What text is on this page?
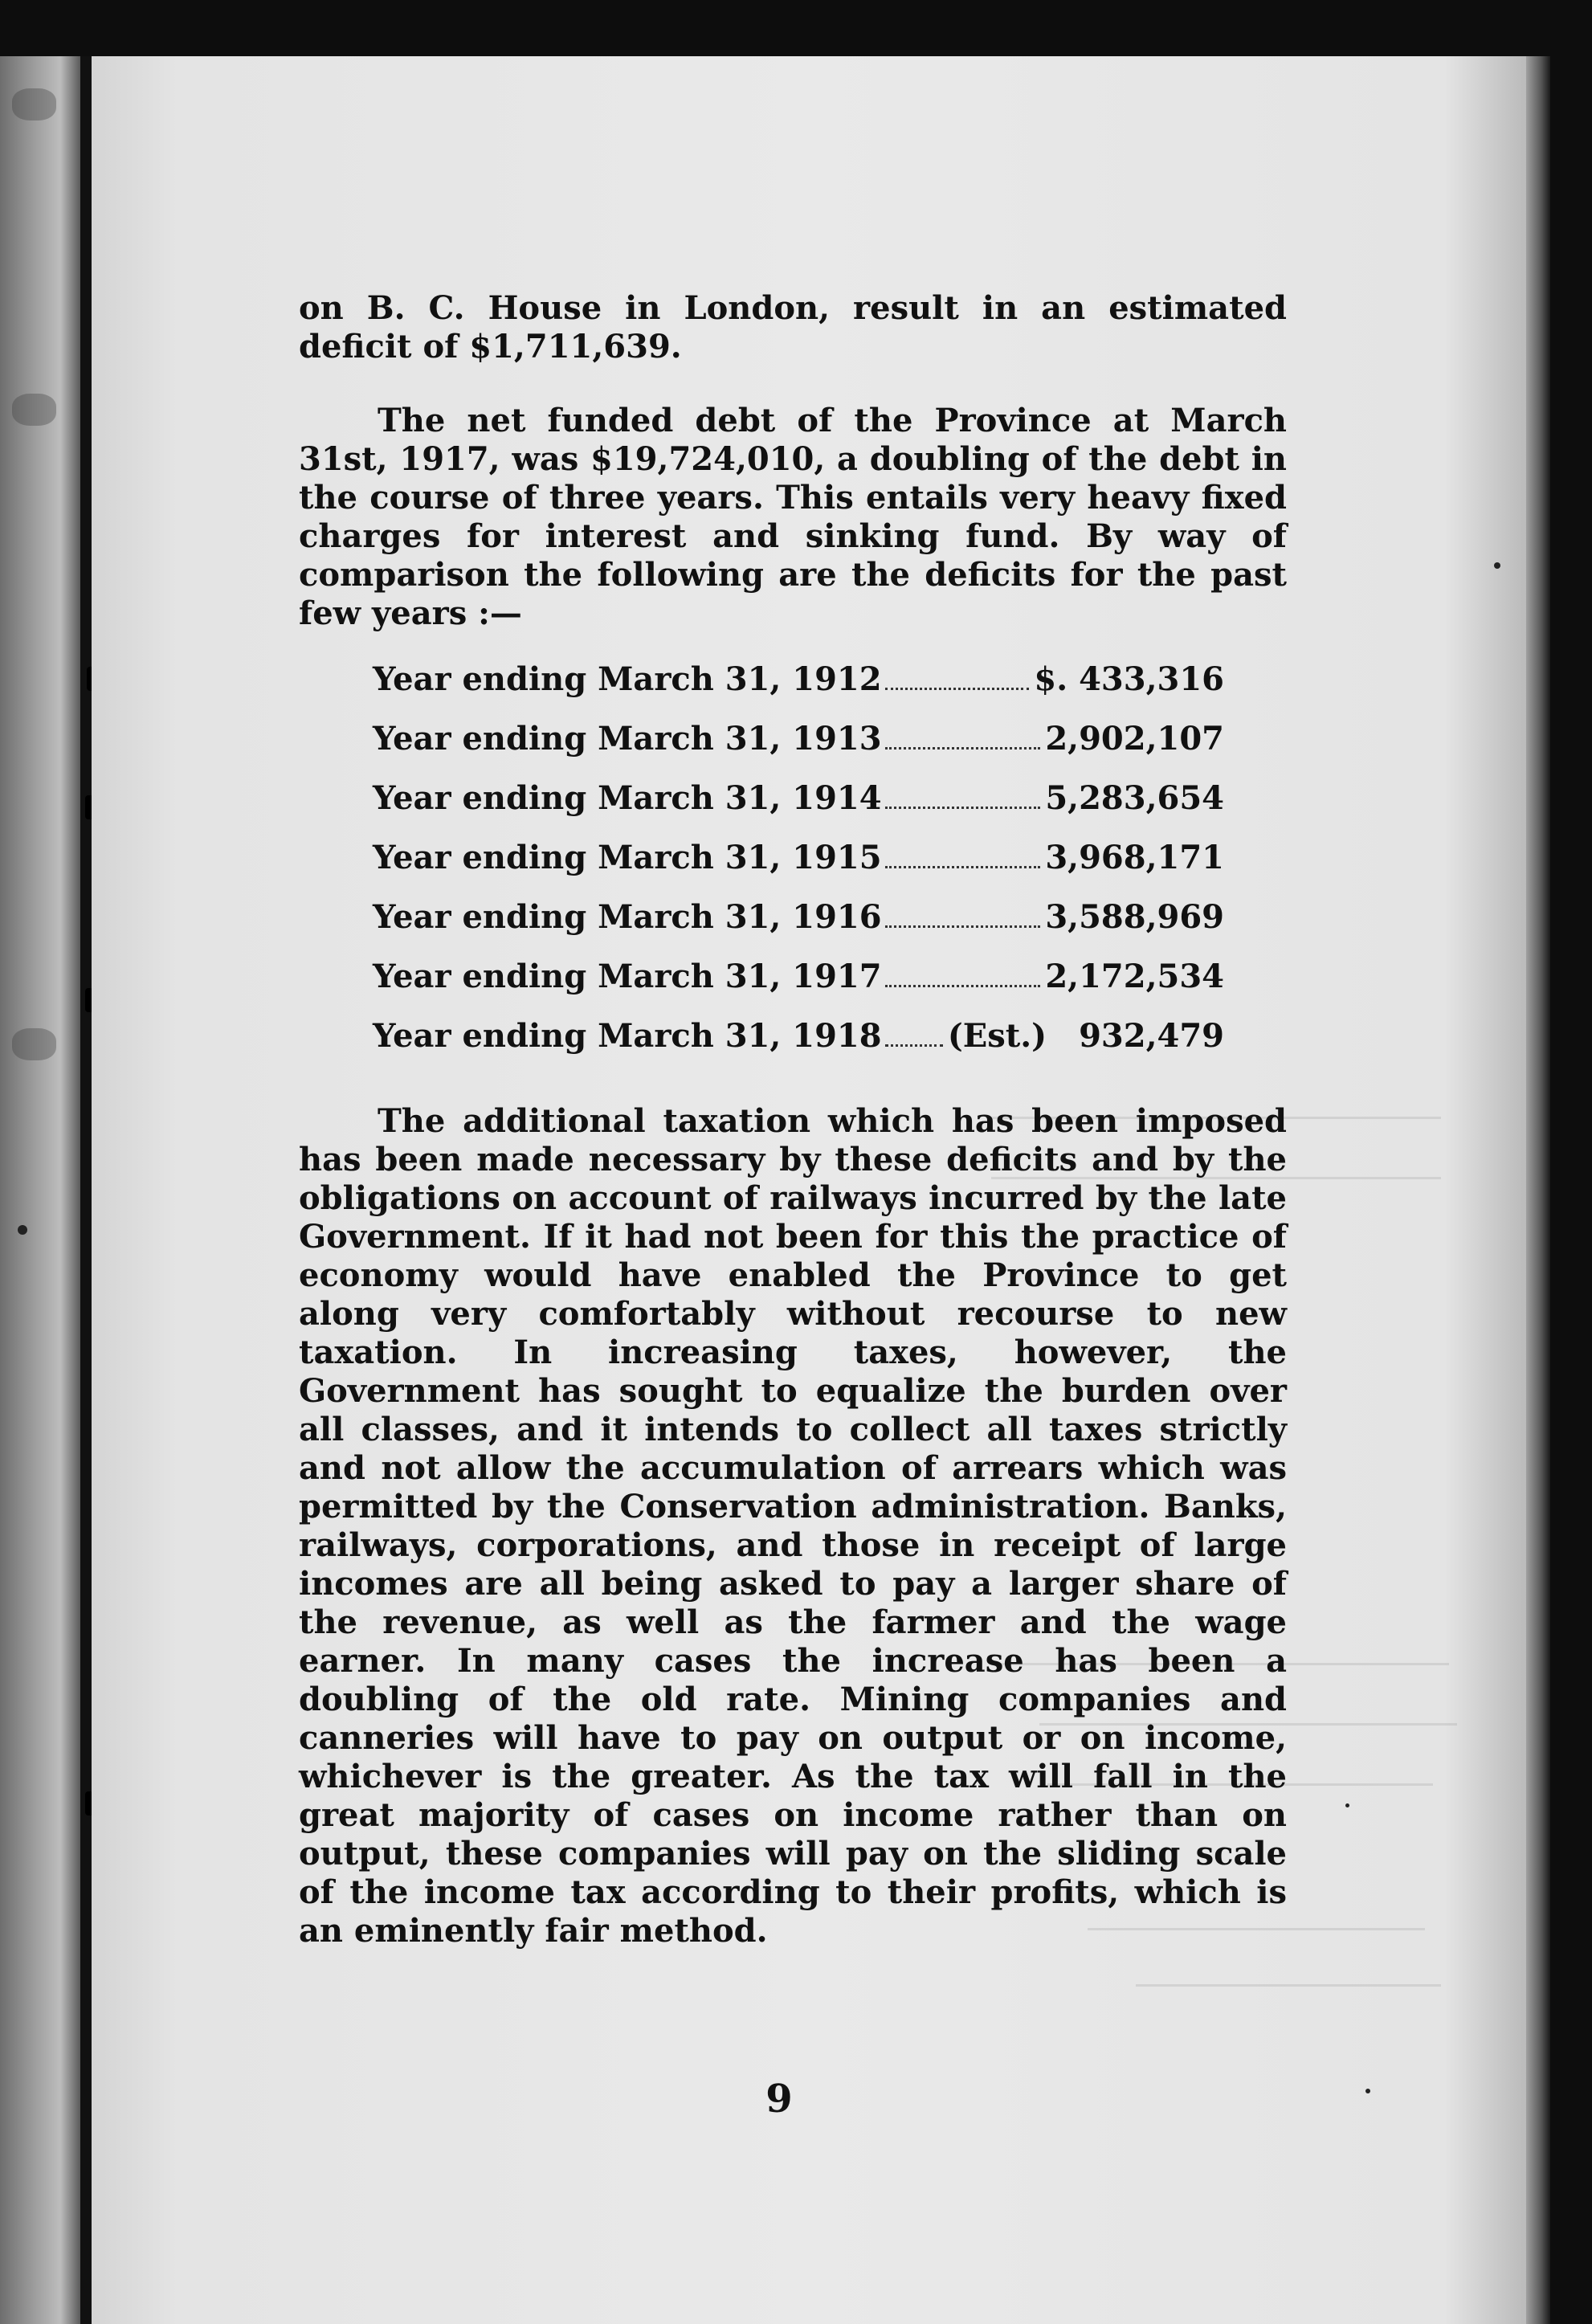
on B. C. House in London, result in an estimated deficit of $1,711,639.

The net funded debt of the Province at March 31st, 1917, was $19,724,010, a doubling of the debt in the course of three years. This entails very heavy fixed charges for interest and sinking fund. By way of comparison the following are the deficits for the past few years :—

Year ending March 31, 1912	$. 433,316
Year ending March 31, 1913	2,902,107
Year ending March 31, 1914	5,283,654
Year ending March 31, 1915	3,968,171
Year ending March 31, 1916	3,588,969
Year ending March 31, 1917	2,172,534
Year ending March 31, 1918 (Est.) 932,479

The additional taxation which has been imposed has been made necessary by these deficits and by the obligations on account of railways incurred by the late Government. If it had not been for this the practice of economy would have enabled the Province to get along very comfortably without recourse to new taxation. In increasing taxes, however, the Government has sought to equalize the burden over all classes, and it intends to collect all taxes strictly and not allow the accumulation of arrears which was permitted by the Conservation administration. Banks, railways, corporations, and those in receipt of large incomes are all being asked to pay a larger share of the revenue, as well as the farmer and the wage earner. In many cases the increase has been a doubling of the old rate. Mining companies and canneries will have to pay on output or on income, whichever is the greater. As the tax will fall in the great majority of cases on income rather than on output, these companies will pay on the sliding scale of the income tax according to their profits, which is an eminently fair method.

9
